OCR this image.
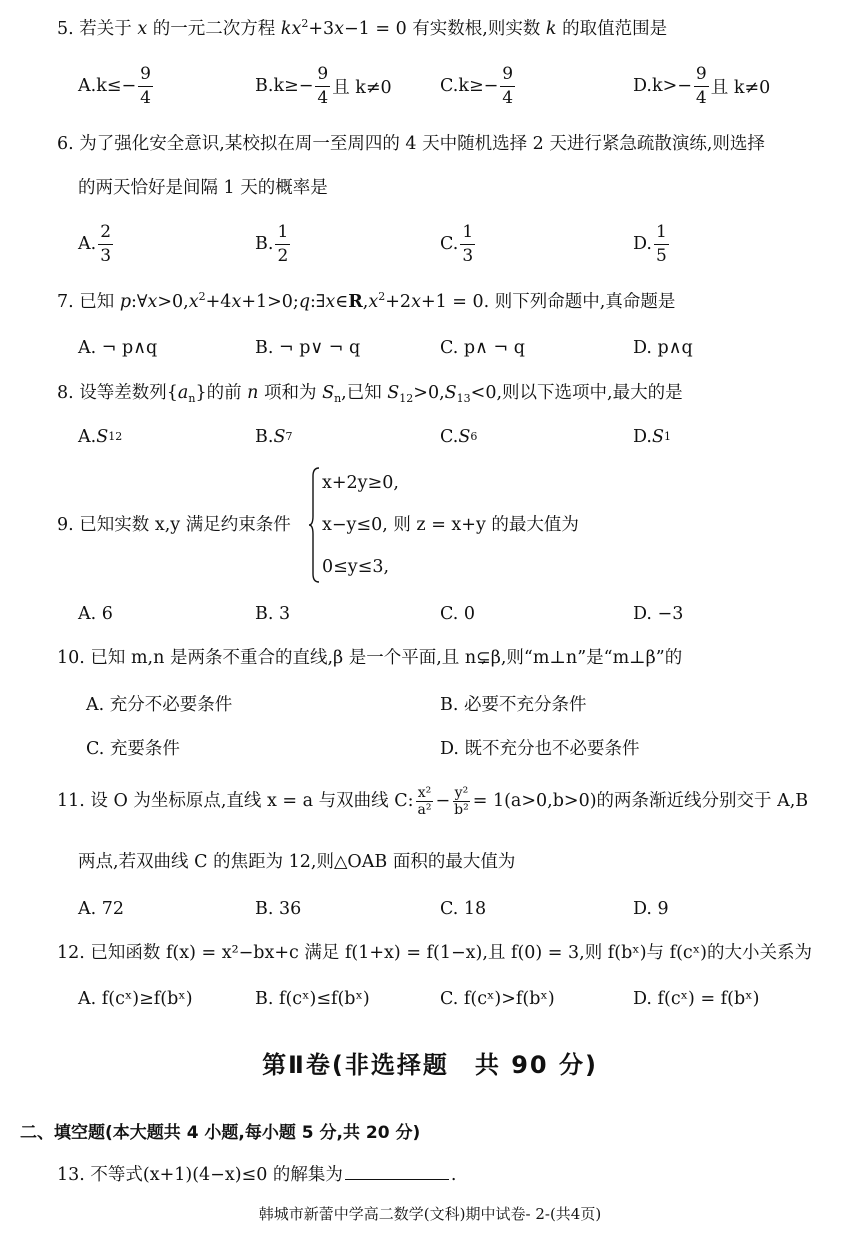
5. 若关于 x 的一元二次方程 $kx^2+3x-1 = 0$ 有实数根,则实数 k 的取值范围是
A. $k\le- \frac{9}{4}$	B. $k\ge- \frac{9}{4}$ 且 k≠0	C. $k\ge- \frac{9}{4}$	D. $k>- \frac{9}{4}$ 且 k≠0
6. 为了强化安全意识,某校拟在周一至周四的 4 天中随机选择 2 天进行紧急疏散演练,则选择
的两天恰好是间隔 1 天的概率是
A. $\frac{2}{3}$	B. $\frac{1}{2}$	C. $\frac{1}{3}$	D. $\frac{1}{5}$
7. 已知 $p:\forall x>0,x^2+4x+1>0;q:\exists x\in R,x^2+2x+1 = 0$. 则下列命题中,真命题是
A. ¬ p∧q	B. ¬ p∨ ¬ q	C. p∧ ¬ q	D. p∧q
8. 设等差数列$\{a_n\}$的前 n 项和为 $S_n$,已知 $S_{12}>0,S_{13}<0$,则以下选项中,最大的是
A. S 12	B. S 7	C. S 6	D. S 1
9. 已知实数 x,y 满足约束条件
x+2y≥0,
x−y≤0, 则 z = x+y 的最大值为
0≤y≤3,
A. 6	B. 3	C. 0	D. −3
10. 已知 m,n 是两条不重合的直线,β 是一个平面,且 n⊊β,则“m⊥n”是“m⊥β”的
A. 充分不必要条件	B. 必要不充分条件
C. 充要条件	D. 既不充分也不必要条件
11. 设 O 为坐标原点,直线 x = a 与双曲线 C: $\frac{\text{x²}}{\text{a²}} - \frac{\text{y²}}{\text{b²}} = 1(a>0,b>0)$的两条渐近线分别交于 A,B
两点,若双曲线 C 的焦距为 12,则△OAB 面积的最大值为
A. 72	B. 36	C. 18	D. 9
12. 已知函数 f(x) = x²−bx+c 满足 f(1+x) = f(1−x),且 f(0) = 3,则 f(bˣ)与 f(cˣ)的大小关系为
A. f(cˣ)≥f(bˣ)	B. f(cˣ)≤f(bˣ)	C. f(cˣ)>f(bˣ)	D. f(cˣ) = f(bˣ)
第Ⅱ卷(非选择题　共 90 分)
二、填空题(本大题共 4 小题,每小题 5 分,共 20 分)
13. 不等式(x+1)(4−x)≤0 的解集为	.
韩城市新蕾中学高二数学(文科)期中试卷- 2-(共4页)
